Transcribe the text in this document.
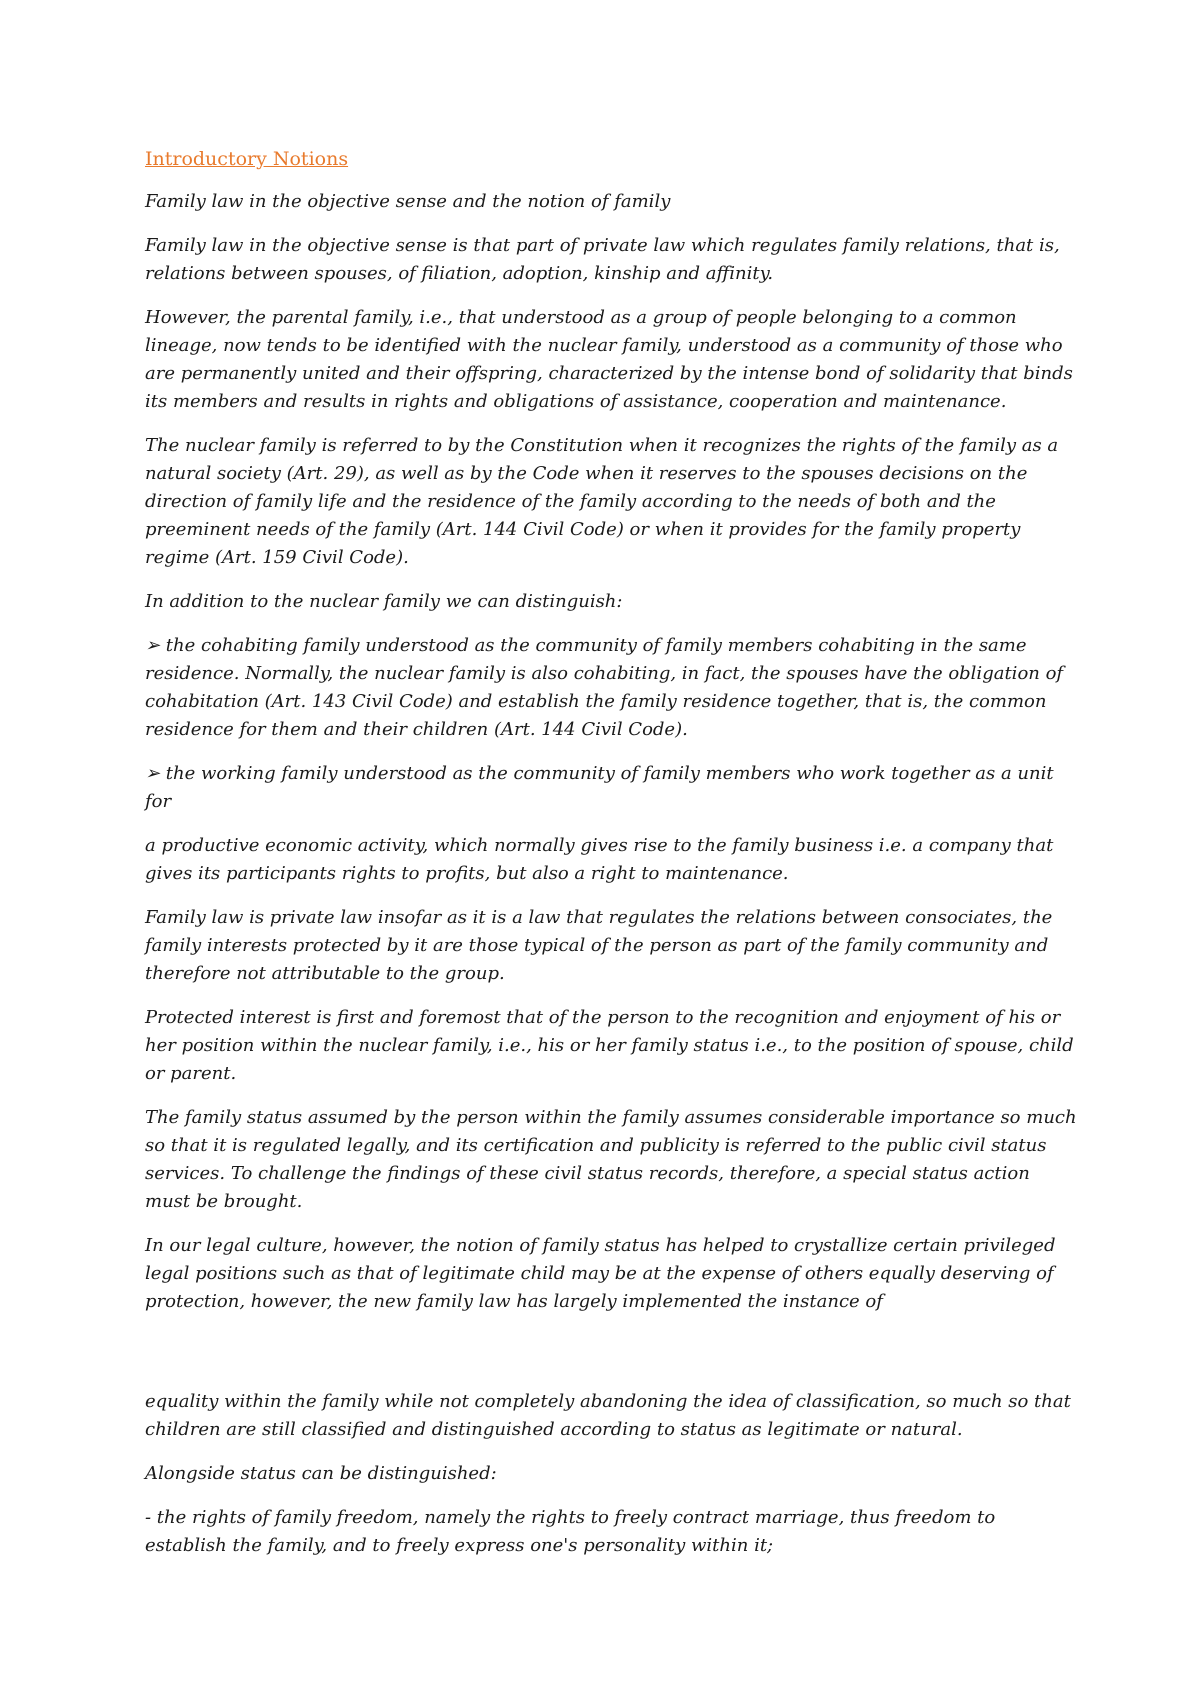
Introductory Notions

Family law in the objective sense and the notion of family

Family law in the objective sense is that part of private law which regulates family relations, that is, relations between spouses, of filiation, adoption, kinship and affinity.

However, the parental family, i.e., that understood as a group of people belonging to a common lineage, now tends to be identified with the nuclear family, understood as a community of those who are permanently united and their offspring, characterized by the intense bond of solidarity that binds its members and results in rights and obligations of assistance, cooperation and maintenance.

The nuclear family is referred to by the Constitution when it recognizes the rights of the family as a natural society (Art. 29), as well as by the Code when it reserves to the spouses decisions on the direction of family life and the residence of the family according to the needs of both and the preeminent needs of the family (Art. 144 Civil Code) or when it provides for the family property regime (Art. 159 Civil Code).

In addition to the nuclear family we can distinguish:

➢ the cohabiting family understood as the community of family members cohabiting in the same residence. Normally, the nuclear family is also cohabiting, in fact, the spouses have the obligation of cohabitation (Art. 143 Civil Code) and establish the family residence together, that is, the common residence for them and their children (Art. 144 Civil Code).

➢ the working family understood as the community of family members who work together as a unit for

a productive economic activity, which normally gives rise to the family business i.e. a company that gives its participants rights to profits, but also a right to maintenance.

Family law is private law insofar as it is a law that regulates the relations between consociates, the family interests protected by it are those typical of the person as part of the family community and therefore not attributable to the group.

Protected interest is first and foremost that of the person to the recognition and enjoyment of his or her position within the nuclear family, i.e., his or her family status i.e., to the position of spouse, child or parent.

The family status assumed by the person within the family assumes considerable importance so much so that it is regulated legally, and its certification and publicity is referred to the public civil status services. To challenge the findings of these civil status records, therefore, a special status action must be brought.

In our legal culture, however, the notion of family status has helped to crystallize certain privileged legal positions such as that of legitimate child may be at the expense of others equally deserving of protection, however, the new family law has largely implemented the instance of

equality within the family while not completely abandoning the idea of classification, so much so that children are still classified and distinguished according to status as legitimate or natural.

Alongside status can be distinguished:

- the rights of family freedom, namely the rights to freely contract marriage, thus freedom to establish the family, and to freely express one's personality within it;
